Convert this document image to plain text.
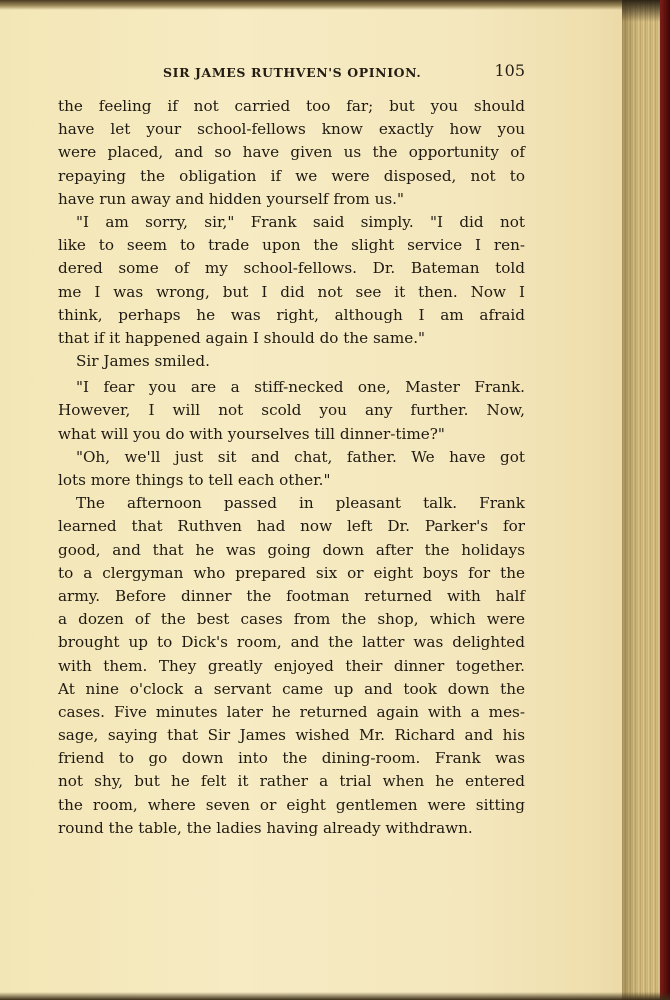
SIR JAMES RUTHVEN'S OPINION.	105
the feeling if not carried too far; but you should
have let your school-fellows know exactly how you
were placed, and so have given us the opportunity of
repaying the obligation if we were disposed, not to
have run away and hidden yourself from us."
"I am sorry, sir," Frank said simply. "I did not
like to seem to trade upon the slight service I ren-
dered some of my school-fellows. Dr. Bateman told
me I was wrong, but I did not see it then. Now I
think, perhaps he was right, although I am afraid
that if it happened again I should do the same."
Sir James smiled.
"I fear you are a stiff-necked one, Master Frank.
However, I will not scold you any further. Now,
what will you do with yourselves till dinner-time?"
"Oh, we'll just sit and chat, father. We have got
lots more things to tell each other."
The afternoon passed in pleasant talk. Frank
learned that Ruthven had now left Dr. Parker's for
good, and that he was going down after the holidays
to a clergyman who prepared six or eight boys for the
army. Before dinner the footman returned with half
a dozen of the best cases from the shop, which were
brought up to Dick's room, and the latter was delighted
with them. They greatly enjoyed their dinner together.
At nine o'clock a servant came up and took down the
cases. Five minutes later he returned again with a mes-
sage, saying that Sir James wished Mr. Richard and his
friend to go down into the dining-room. Frank was
not shy, but he felt it rather a trial when he entered
the room, where seven or eight gentlemen were sitting
round the table, the ladies having already withdrawn.
